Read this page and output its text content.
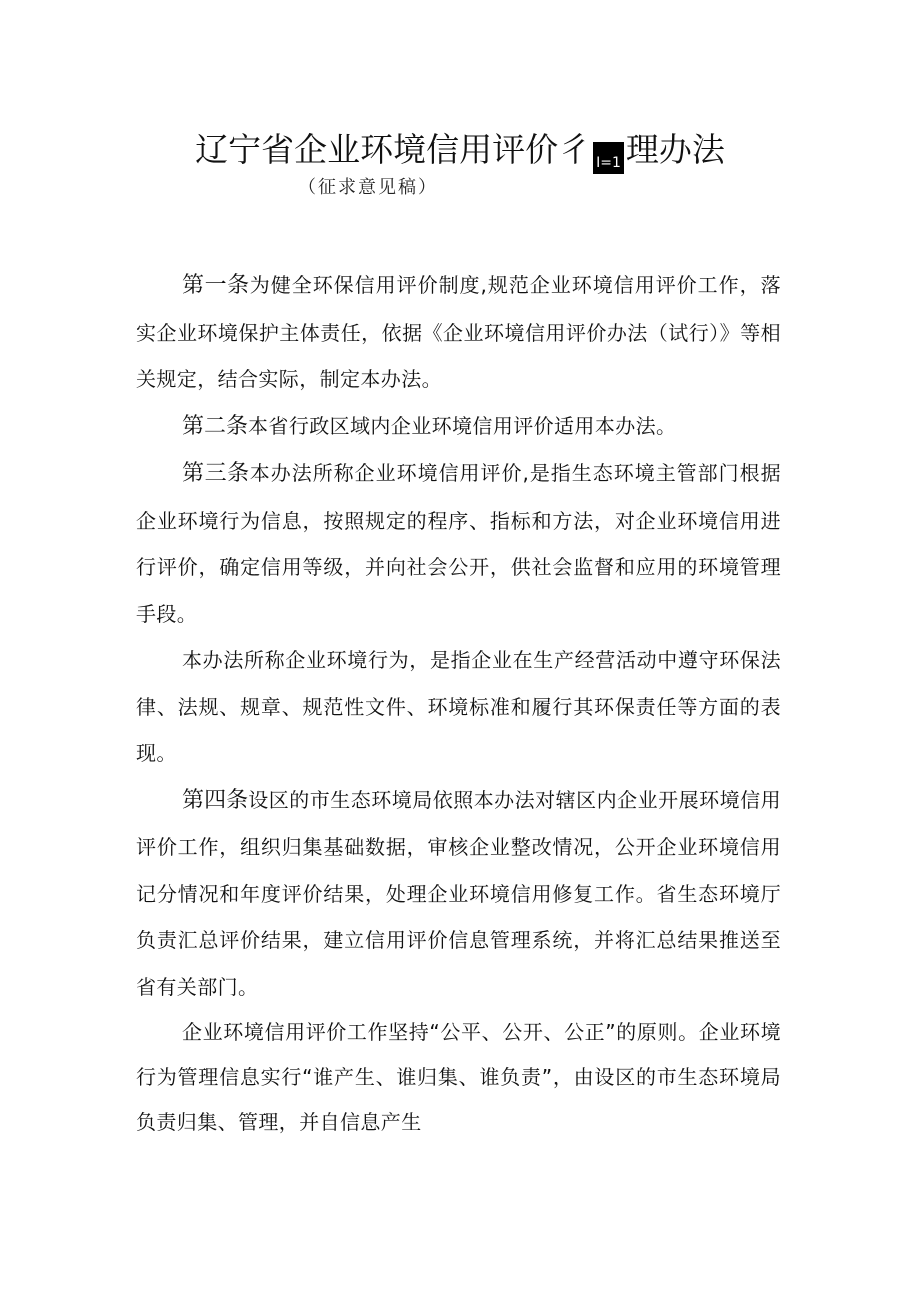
辽宁省企业环境信用评价彳 I=1 理办法
（征求意见稿）

第一条为健全环保信用评价制度,规范企业环境信用评价工作，落实企业环境保护主体责任，依据《企业环境信用评价办法（试行）》等相关规定，结合实际，制定本办法。

第二条本省行政区域内企业环境信用评价适用本办法。

第三条本办法所称企业环境信用评价,是指生态环境主管部门根据企业环境行为信息，按照规定的程序、指标和方法，对企业环境信用进行评价，确定信用等级，并向社会公开，供社会监督和应用的环境管理手段。

本办法所称企业环境行为，是指企业在生产经营活动中遵守环保法律、法规、规章、规范性文件、环境标准和履行其环保责任等方面的表现。

第四条设区的市生态环境局依照本办法对辖区内企业开展环境信用评价工作，组织归集基础数据，审核企业整改情况，公开企业环境信用记分情况和年度评价结果，处理企业环境信用修复工作。省生态环境厅负责汇总评价结果，建立信用评价信息管理系统，并将汇总结果推送至省有关部门。

企业环境信用评价工作坚持“公平、公开、公正”的原则。企业环境行为管理信息实行“谁产生、谁归集、谁负责”，由设区的市生态环境局负责归集、管理，并自信息产生
